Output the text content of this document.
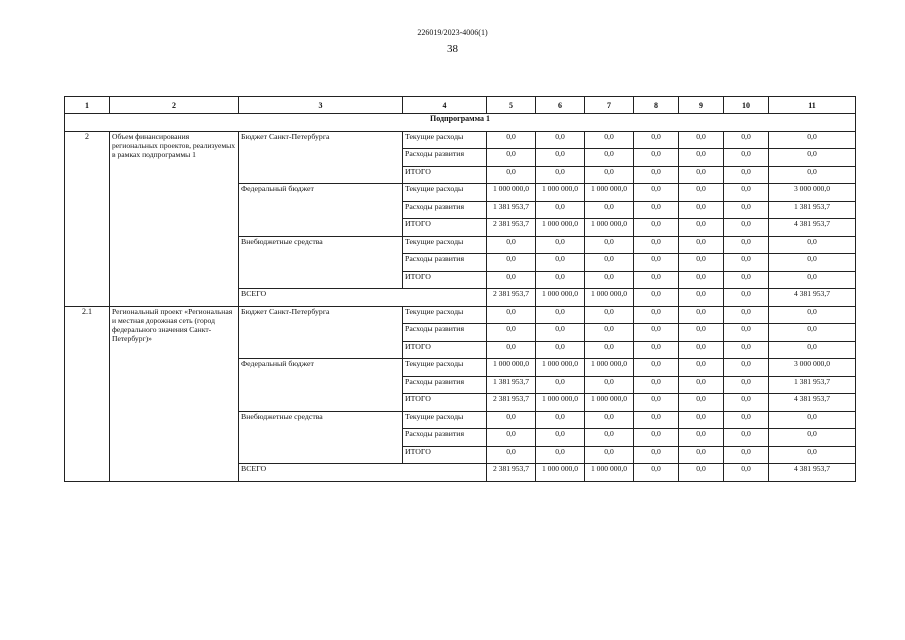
226019/2023-4006(1)
38
1	2	3	4	5	6	7	8	9	10	11
Подпрограмма 1										
2	Объем финансирования региональных проектов, реализуемых в рамках подпрограммы 1	Бюджет Санкт-Петербурга	Текущие расходы	0,0	0,0	0,0	0,0	0,0	0,0	0,0
			Расходы развития	0,0	0,0	0,0	0,0	0,0	0,0	0,0
			ИТОГО	0,0	0,0	0,0	0,0	0,0	0,0	0,0
		Федеральный бюджет	Текущие расходы	1 000 000,0	1 000 000,0	1 000 000,0	0,0	0,0	0,0	3 000 000,0
			Расходы развития	1 381 953,7	0,0	0,0	0,0	0,0	0,0	1 381 953,7
			ИТОГО	2 381 953,7	1 000 000,0	1 000 000,0	0,0	0,0	0,0	4 381 953,7
		Внебюджетные средства	Текущие расходы	0,0	0,0	0,0	0,0	0,0	0,0	0,0
			Расходы развития	0,0	0,0	0,0	0,0	0,0	0,0	0,0
			ИТОГО	0,0	0,0	0,0	0,0	0,0	0,0	0,0
		ВСЕГО		2 381 953,7	1 000 000,0	1 000 000,0	0,0	0,0	0,0	4 381 953,7
2.1	Региональный проект «Региональная и местная дорожная сеть (город федерального значения Санкт-Петербург)»	Бюджет Санкт-Петербурга	Текущие расходы	0,0	0,0	0,0	0,0	0,0	0,0	0,0
			Расходы развития	0,0	0,0	0,0	0,0	0,0	0,0	0,0
			ИТОГО	0,0	0,0	0,0	0,0	0,0	0,0	0,0
		Федеральный бюджет	Текущие расходы	1 000 000,0	1 000 000,0	1 000 000,0	0,0	0,0	0,0	3 000 000,0
			Расходы развития	1 381 953,7	0,0	0,0	0,0	0,0	0,0	1 381 953,7
			ИТОГО	2 381 953,7	1 000 000,0	1 000 000,0	0,0	0,0	0,0	4 381 953,7
		Внебюджетные средства	Текущие расходы	0,0	0,0	0,0	0,0	0,0	0,0	0,0
			Расходы развития	0,0	0,0	0,0	0,0	0,0	0,0	0,0
			ИТОГО	0,0	0,0	0,0	0,0	0,0	0,0	0,0
		ВСЕГО		2 381 953,7	1 000 000,0	1 000 000,0	0,0	0,0	0,0	4 381 953,7
